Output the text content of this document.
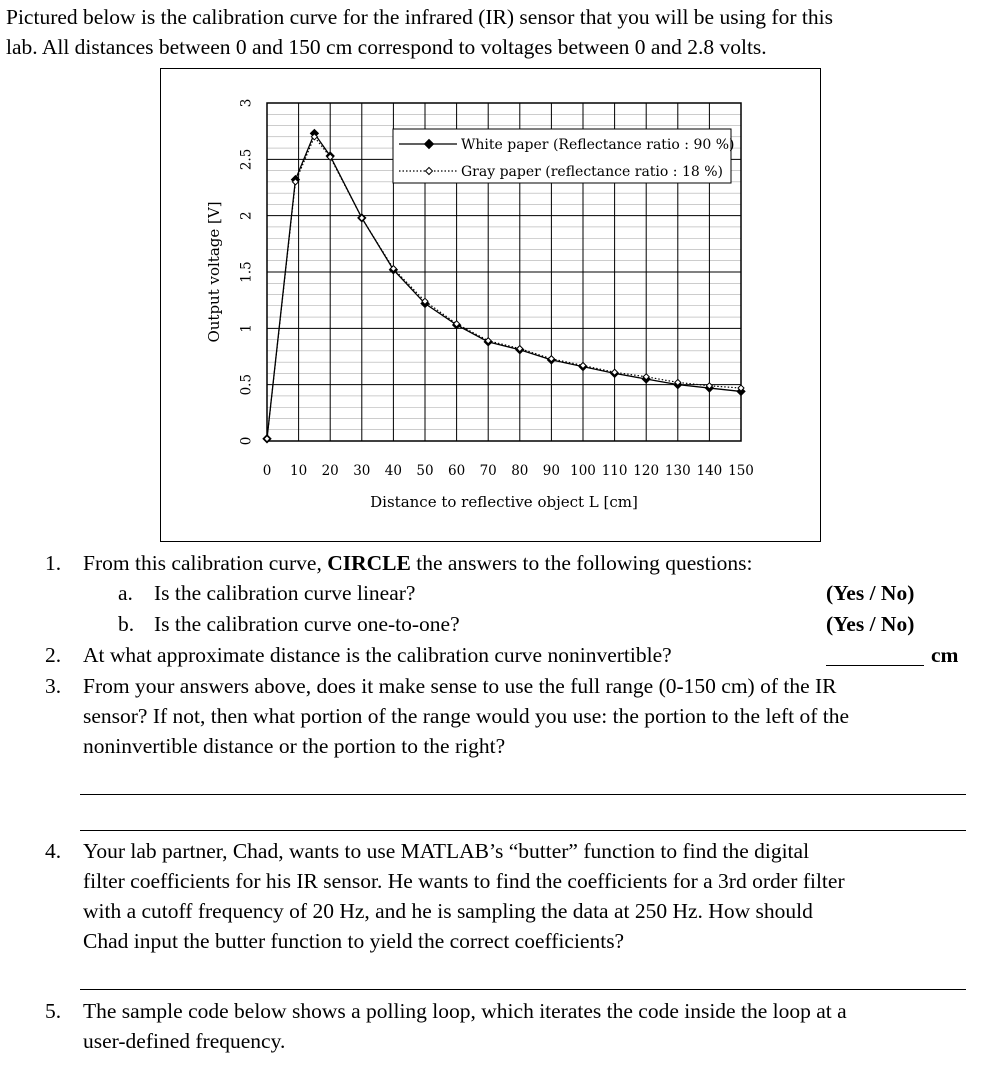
Pictured below is the calibration curve for the infrared (IR) sensor that you will be using for this
lab. All distances between 0 and 150 cm correspond to voltages between 0 and 2.8 volts.
0 10 20 30 40 50 60 70 80 90 100 110 120 130 140 150
0
0.5
1
1.5
2
2.5
3
Distance to reflective object L [cm]
Output voltage [V]
White paper (Reflectance ratio : 90 %)
Gray paper (reflectance ratio : 18 %)
1. From this calibration curve, CIRCLE the answers to the following questions:
a. Is the calibration curve linear?	(Yes / No)
b. Is the calibration curve one-to-one?	(Yes / No)
2. At what approximate distance is the calibration curve noninvertible?	cm
3. From your answers above, does it make sense to use the full range (0-150 cm) of the IR
sensor? If not, then what portion of the range would you use: the portion to the left of the
noninvertible distance or the portion to the right?
4. Your lab partner, Chad, wants to use MATLAB’s “butter” function to find the digital
filter coefficients for his IR sensor. He wants to find the coefficients for a 3rd order filter
with a cutoff frequency of 20 Hz, and he is sampling the data at 250 Hz. How should
Chad input the butter function to yield the correct coefficients?
5. The sample code below shows a polling loop, which iterates the code inside the loop at a
user-defined frequency.
